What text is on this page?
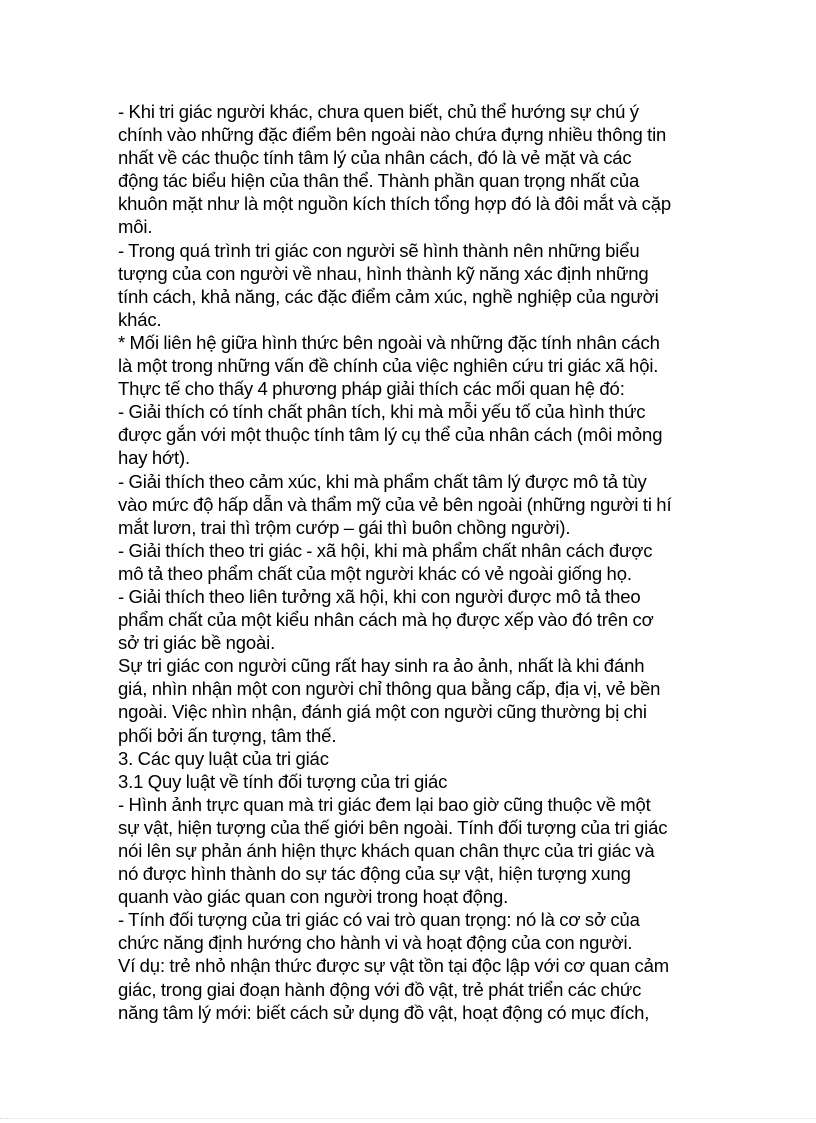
- Khi tri giác người khác, chưa quen biết, chủ thể hướng sự chú ý
chính vào những đặc điểm bên ngoài nào chứa đựng nhiều thông tin
nhất về các thuộc tính tâm lý của nhân cách, đó là vẻ mặt và các
động tác biểu hiện của thân thể. Thành phần quan trọng nhất của
khuôn mặt như là một nguồn kích thích tổng hợp đó là đôi mắt và cặp
môi.
- Trong quá trình tri giác con người sẽ hình thành nên những biểu
tượng của con người về nhau, hình thành kỹ năng xác định những
tính cách, khả năng, các đặc điểm cảm xúc, nghề nghiệp của người
khác.
* Mối liên hệ giữa hình thức bên ngoài và những đặc tính nhân cách
là một trong những vấn đề chính của việc nghiên cứu tri giác xã hội.
Thực tế cho thấy 4 phương pháp giải thích các mối quan hệ đó:
- Giải thích có tính chất phân tích, khi mà mỗi yếu tố của hình thức
được gắn với một thuộc tính tâm lý cụ thể của nhân cách (môi mỏng
hay hớt).
- Giải thích theo cảm xúc, khi mà phẩm chất tâm lý được mô tả tùy
vào mức độ hấp dẫn và thẩm mỹ của vẻ bên ngoài (những người ti hí
mắt lươn, trai thì trộm cướp – gái thì buôn chồng người).
- Giải thích theo tri giác - xã hội, khi mà phẩm chất nhân cách được
mô tả theo phẩm chất của một người khác có vẻ ngoài giống họ.
- Giải thích theo liên tưởng xã hội, khi con người được mô tả theo
phẩm chất của một kiểu nhân cách mà họ được xếp vào đó trên cơ
sở tri giác bề ngoài.
Sự tri giác con người cũng rất hay sinh ra ảo ảnh, nhất là khi đánh
giá, nhìn nhận một con người chỉ thông qua bằng cấp, địa vị, vẻ bền
ngoài. Việc nhìn nhận, đánh giá một con người cũng thường bị chi
phối bởi ấn tượng, tâm thế.
3. Các quy luật của tri giác
3.1 Quy luật về tính đối tượng của tri giác
- Hình ảnh trực quan mà tri giác đem lại bao giờ cũng thuộc về một
sự vật, hiện tượng của thế giới bên ngoài. Tính đối tượng của tri giác
nói lên sự phản ánh hiện thực khách quan chân thực của tri giác và
nó được hình thành do sự tác động của sự vật, hiện tượng xung
quanh vào giác quan con người trong hoạt động.
- Tính đối tượng của tri giác có vai trò quan trọng: nó là cơ sở của
chức năng định hướng cho hành vi và hoạt động của con người.
Ví dụ: trẻ nhỏ nhận thức được sự vật tồn tại độc lập với cơ quan cảm
giác, trong giai đoạn hành động với đồ vật, trẻ phát triển các chức
năng tâm lý mới: biết cách sử dụng đồ vật, hoạt động có mục đích,
